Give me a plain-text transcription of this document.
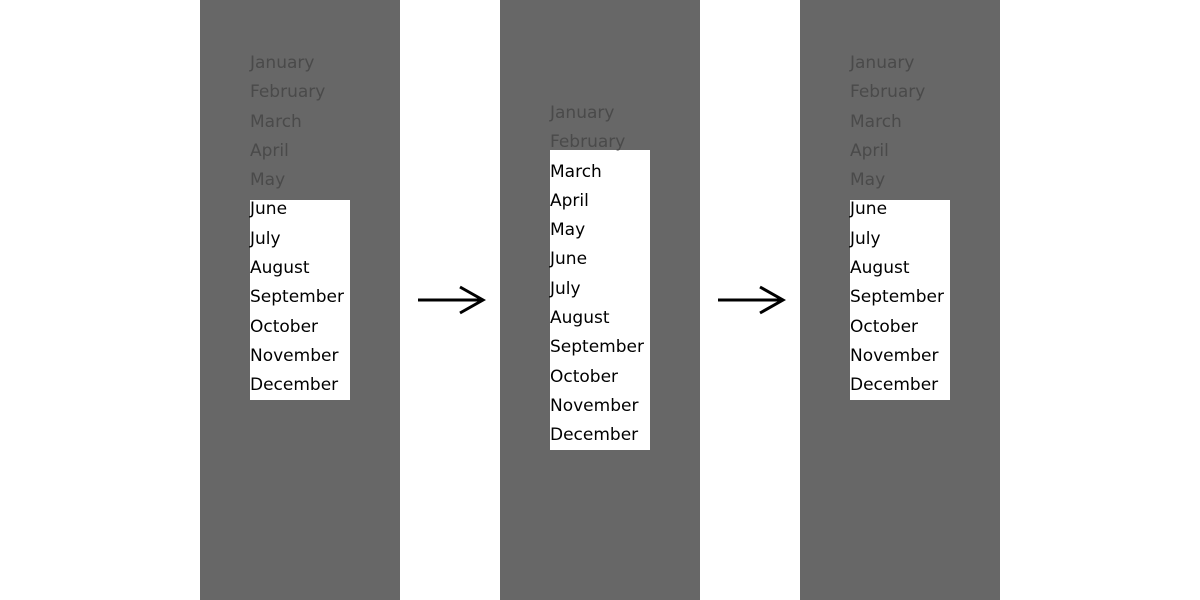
January
February
March
April
May
June
July
August
September
October
November
December
January
February
March
April
May
June
July
August
September
October
November
December
January
February
March
April
May
June
July
August
September
October
November
December
